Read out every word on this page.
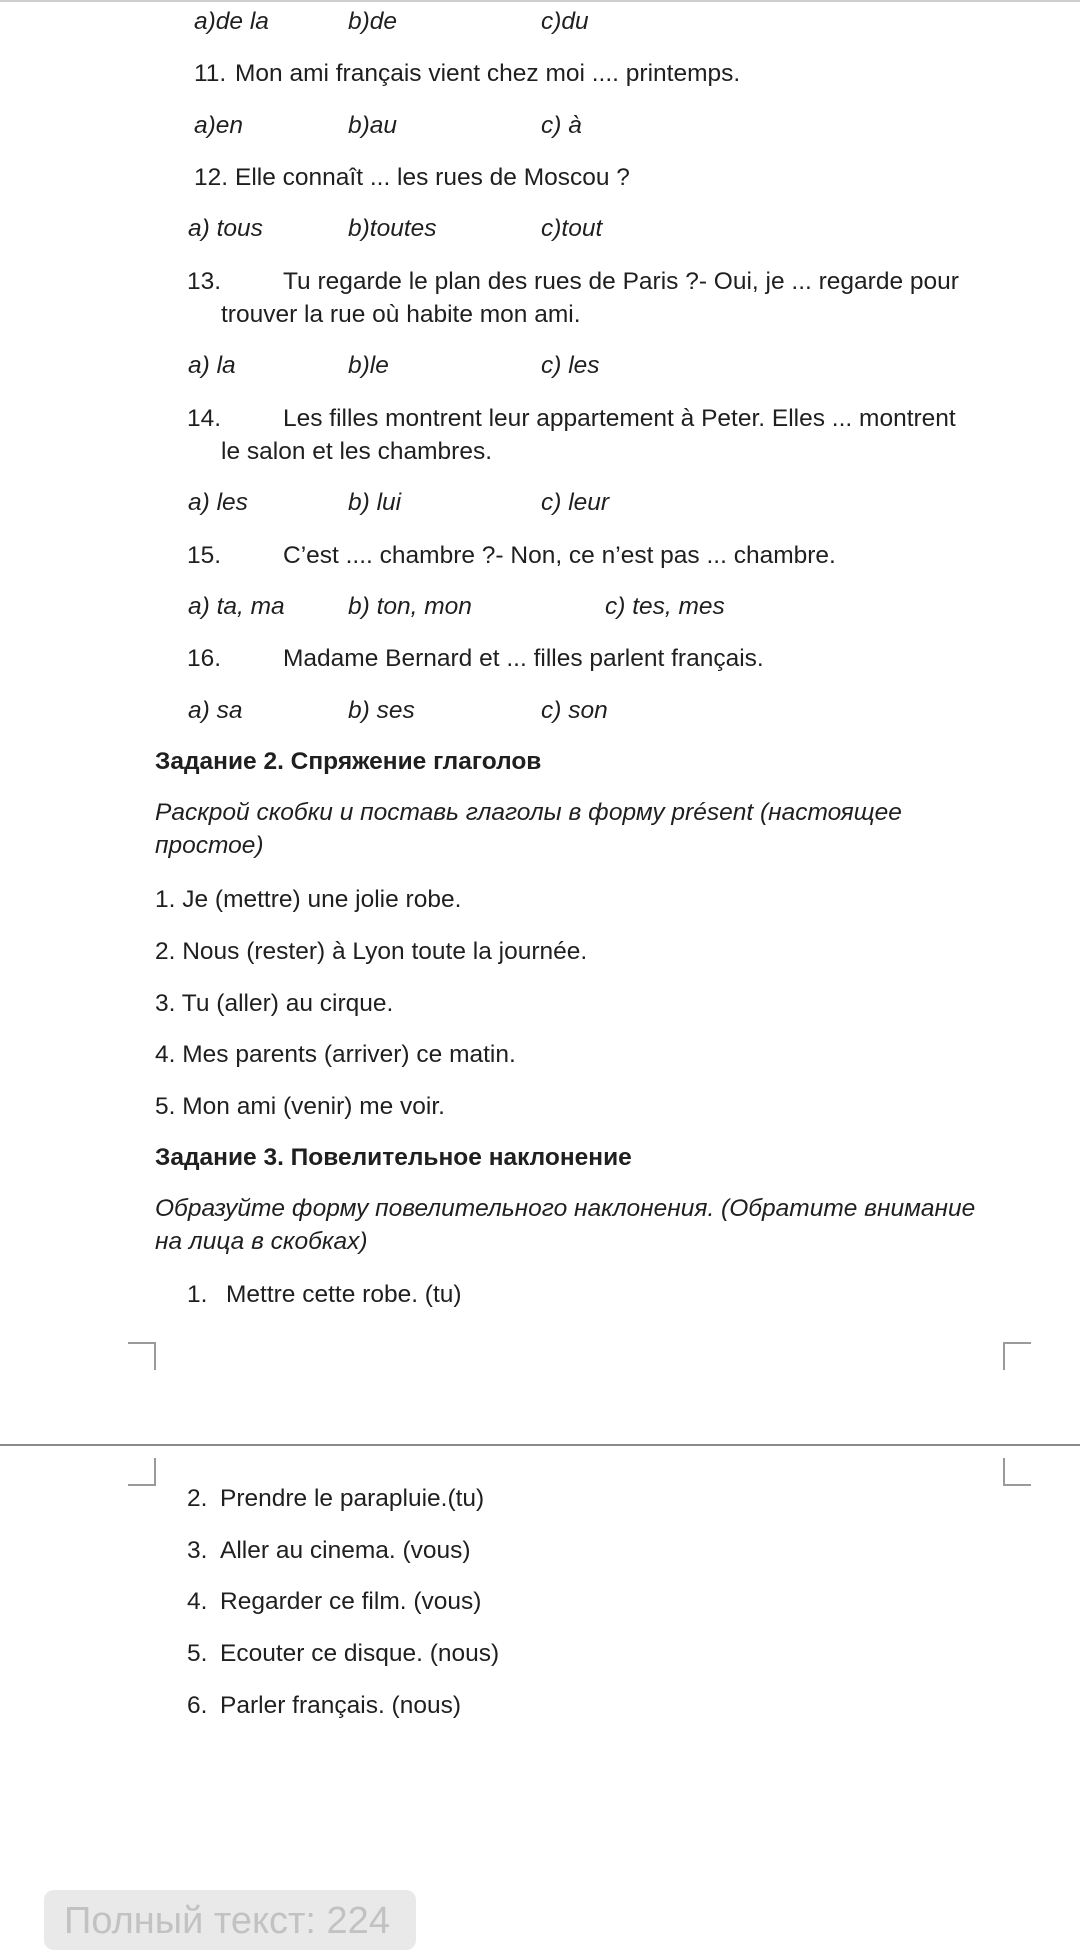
a)de la	b)de	c)du
11. Mon ami français vient chez moi .... printemps.
a)en	b)au	c) à
12. Elle connaît ... les rues de Moscou ?
a) tous	b)toutes	c)tout
13.	Tu regarde le plan des rues de Paris ?- Oui, je ... regarde pour
trouver la rue où habite mon ami.
a) la	b)le	c) les
14.	Les filles montrent leur appartement à Peter. Elles ... montrent
le salon et les chambres.
a) les	b) lui	c) leur
15.	C’est .... chambre ?- Non, ce n’est pas ... chambre.
a) ta, ma	b) ton, mon	c) tes, mes
16.	Madame Bernard et ... filles parlent français.
a) sa	b) ses	c) son
Задание 2. Спряжение глаголов
Раскрой скобки и поставь глаголы в форму présent (настоящее простое)
1. Je (mettre) une jolie robe.
2. Nous (rester) à Lyon toute la journée.
3. Tu (aller) au cirque.
4. Mes parents (arriver) ce matin.
5. Mon ami (venir) me voir.
Задание 3. Повелительное наклонение
Образуйте форму повелительного наклонения. (Обратите внимание на лица в скобках)
1. Mettre cette robe. (tu)
2. Prendre le parapluie.(tu)
3. Aller au cinema. (vous)
4. Regarder ce film. (vous)
5. Ecouter ce disque. (nous)
6. Parler français. (nous)
Полный текст: 224
